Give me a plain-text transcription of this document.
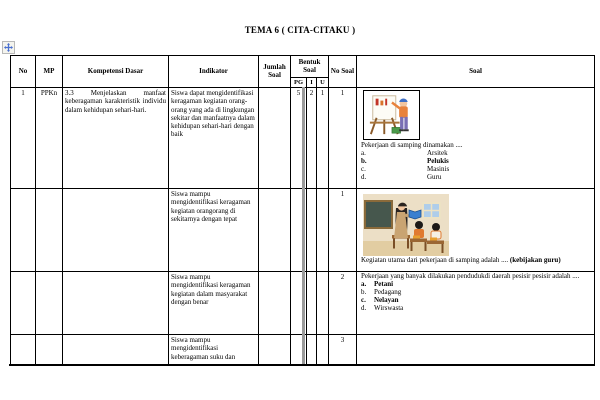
TEMA 6 ( CITA-CITAKU )
No	MP	Kompetensi Dasar	Indikator	Jumlah Soal	Bentuk Soal			No Soal	Soal
					PG	I	U		
1	PPKn	3.3 Menjelaskan manfaat keberagaman karakteristik individu dalam kehidupan sehari-hari.	Siswa dapat mengidentifikasi keragaman kegiatan orang-orang yang ada di lingkungan sekitar dan manfaatnya dalam kehidupan sehari-hari dengan baik		5	2	1	1	
Pekerjaan di samping dinamakan ....
a.	Arsitek
b.	Pelukis
c.	Masinis
d.	Guru

			Siswa mampu mengidentifikasi keragaman kegiatan orangorang di sekitarnya dengan tepat					1	Kegiatan utama dari pekerjaan di samping adalah .... (kebijakan guru)

			Siswa mampu mengidentifikasi keragaman kegiatan dalam masyarakat dengan benar					2	Pekerjaan yang banyak dilakukan pendudukdi daerah pesisir pesisir adalah ....
a.	Petani
b.	Pedagang
c.	Nelayan
d.	Wirswasta

			Siswa mampu mengidentifikasi keberagaman suku dan					3	
